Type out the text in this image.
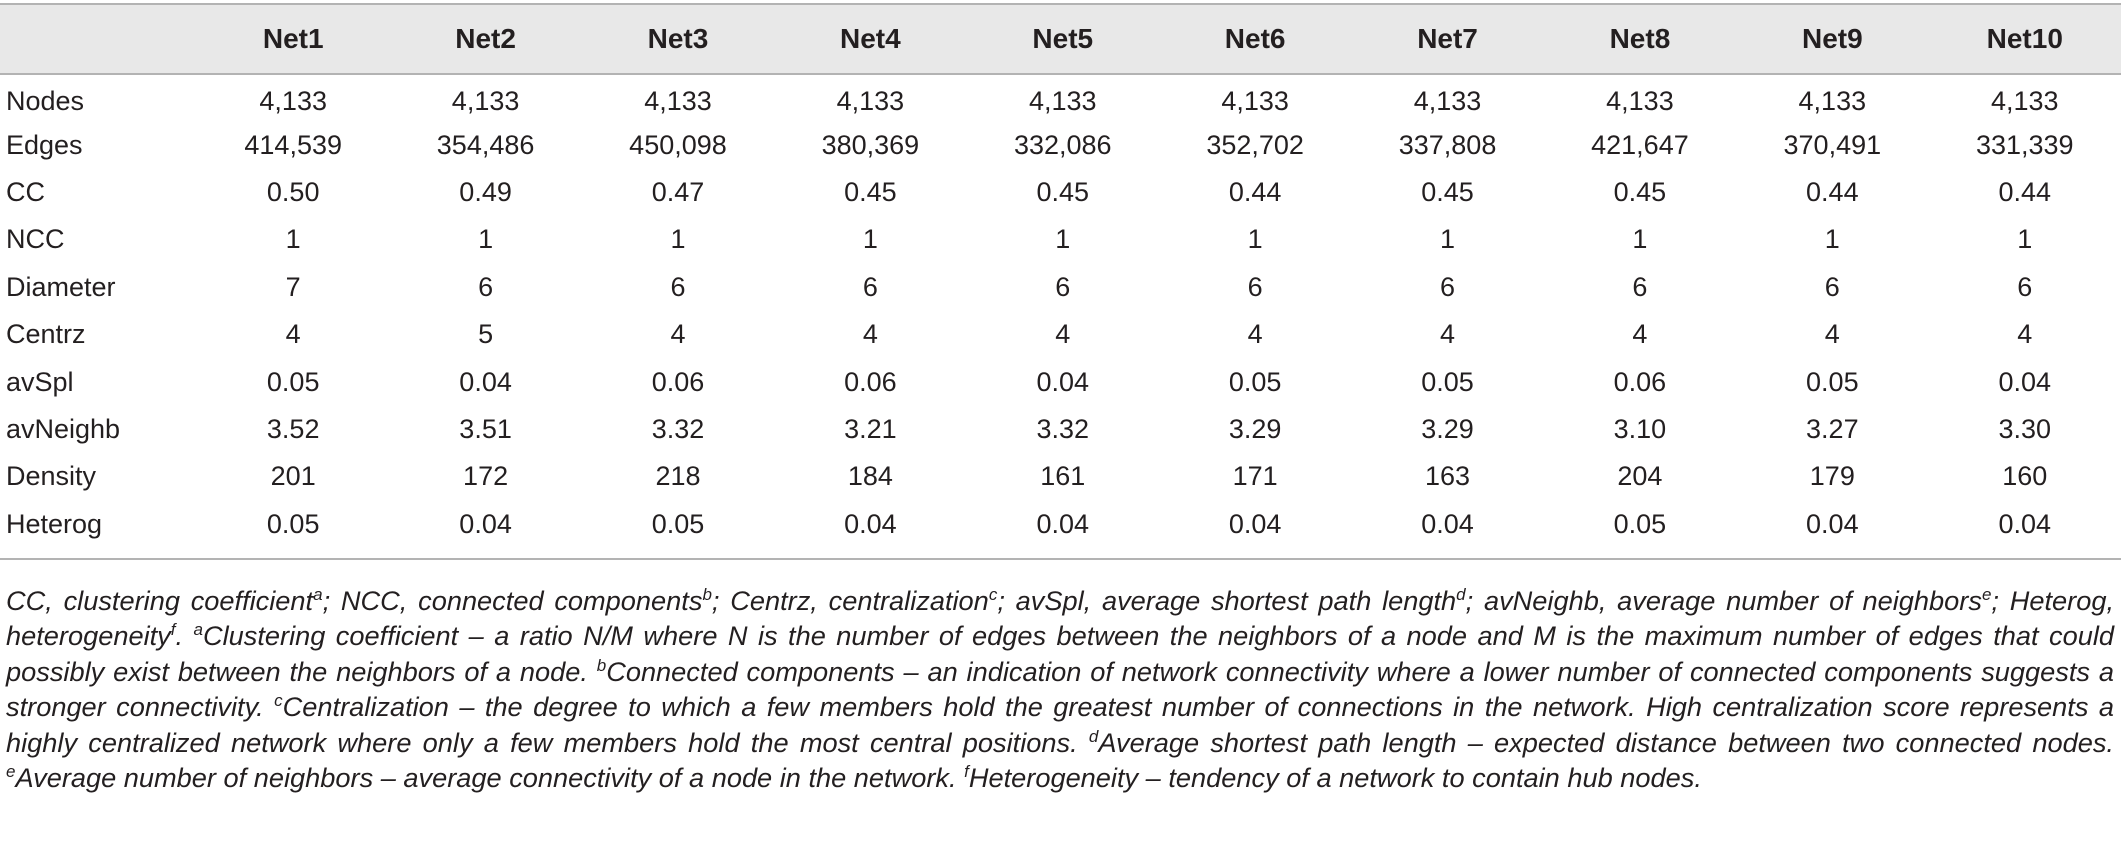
	Net1	Net2	Net3	Net4	Net5	Net6	Net7	Net8	Net9	Net10
Nodes	4,133	4,133	4,133	4,133	4,133	4,133	4,133	4,133	4,133	4,133
Edges	414,539	354,486	450,098	380,369	332,086	352,702	337,808	421,647	370,491	331,339
CC	0.50	0.49	0.47	0.45	0.45	0.44	0.45	0.45	0.44	0.44
NCC	1	1	1	1	1	1	1	1	1	1
Diameter	7	6	6	6	6	6	6	6	6	6
Centrz	4	5	4	4	4	4	4	4	4	4
avSpl	0.05	0.04	0.06	0.06	0.04	0.05	0.05	0.06	0.05	0.04
avNeighb	3.52	3.51	3.32	3.21	3.32	3.29	3.29	3.10	3.27	3.30
Density	201	172	218	184	161	171	163	204	179	160
Heterog	0.05	0.04	0.05	0.04	0.04	0.04	0.04	0.05	0.04	0.04
CC, clustering coefficient$^a$; NCC, connected components$^b$; Centrz, centralization$^c$; avSpl, average shortest path length$^d$; avNeighb, average number of neighbors$^e$; Heterog, heterogeneity$^f$. $^a$Clustering coefficient – a ratio N/M where N is the number of edges between the neighbors of a node and M is the maximum number of edges that could possibly exist between the neighbors of a node. $^b$Connected components – an indication of network connectivity where a lower number of connected components suggests a stronger connectivity. $^c$Centralization – the degree to which a few members hold the greatest number of connections in the network. High centralization score represents a highly centralized network where only a few members hold the most central positions. $^d$Average shortest path length – expected distance between two connected nodes. $^e$Average number of neighbors – average connectivity of a node in the network. $^f$Heterogeneity – tendency of a network to contain hub nodes.
